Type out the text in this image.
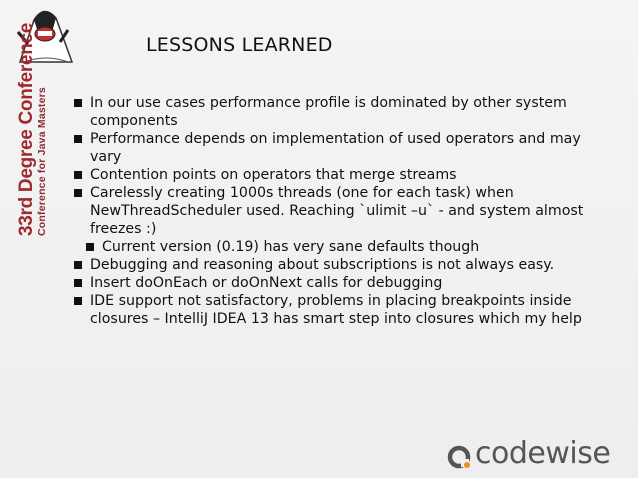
33rd Degree Conference Conference for Java Masters
LESSONS LEARNED
In our use cases performance profile is dominated by other system components
Performance depends on implementation of used operators and may vary
Contention points on operators that merge streams
Carelessly creating 1000s threads (one for each task) when NewThreadScheduler used. Reaching `ulimit –u` - and system almost freezes :)
Current version (0.19) has very sane defaults though
Debugging and reasoning about subscriptions is not always easy.
Insert doOnEach or doOnNext calls for debugging
IDE support not satisfactory, problems in placing breakpoints inside closures – IntelliJ IDEA 13 has smart step into closures which my help
codewise
